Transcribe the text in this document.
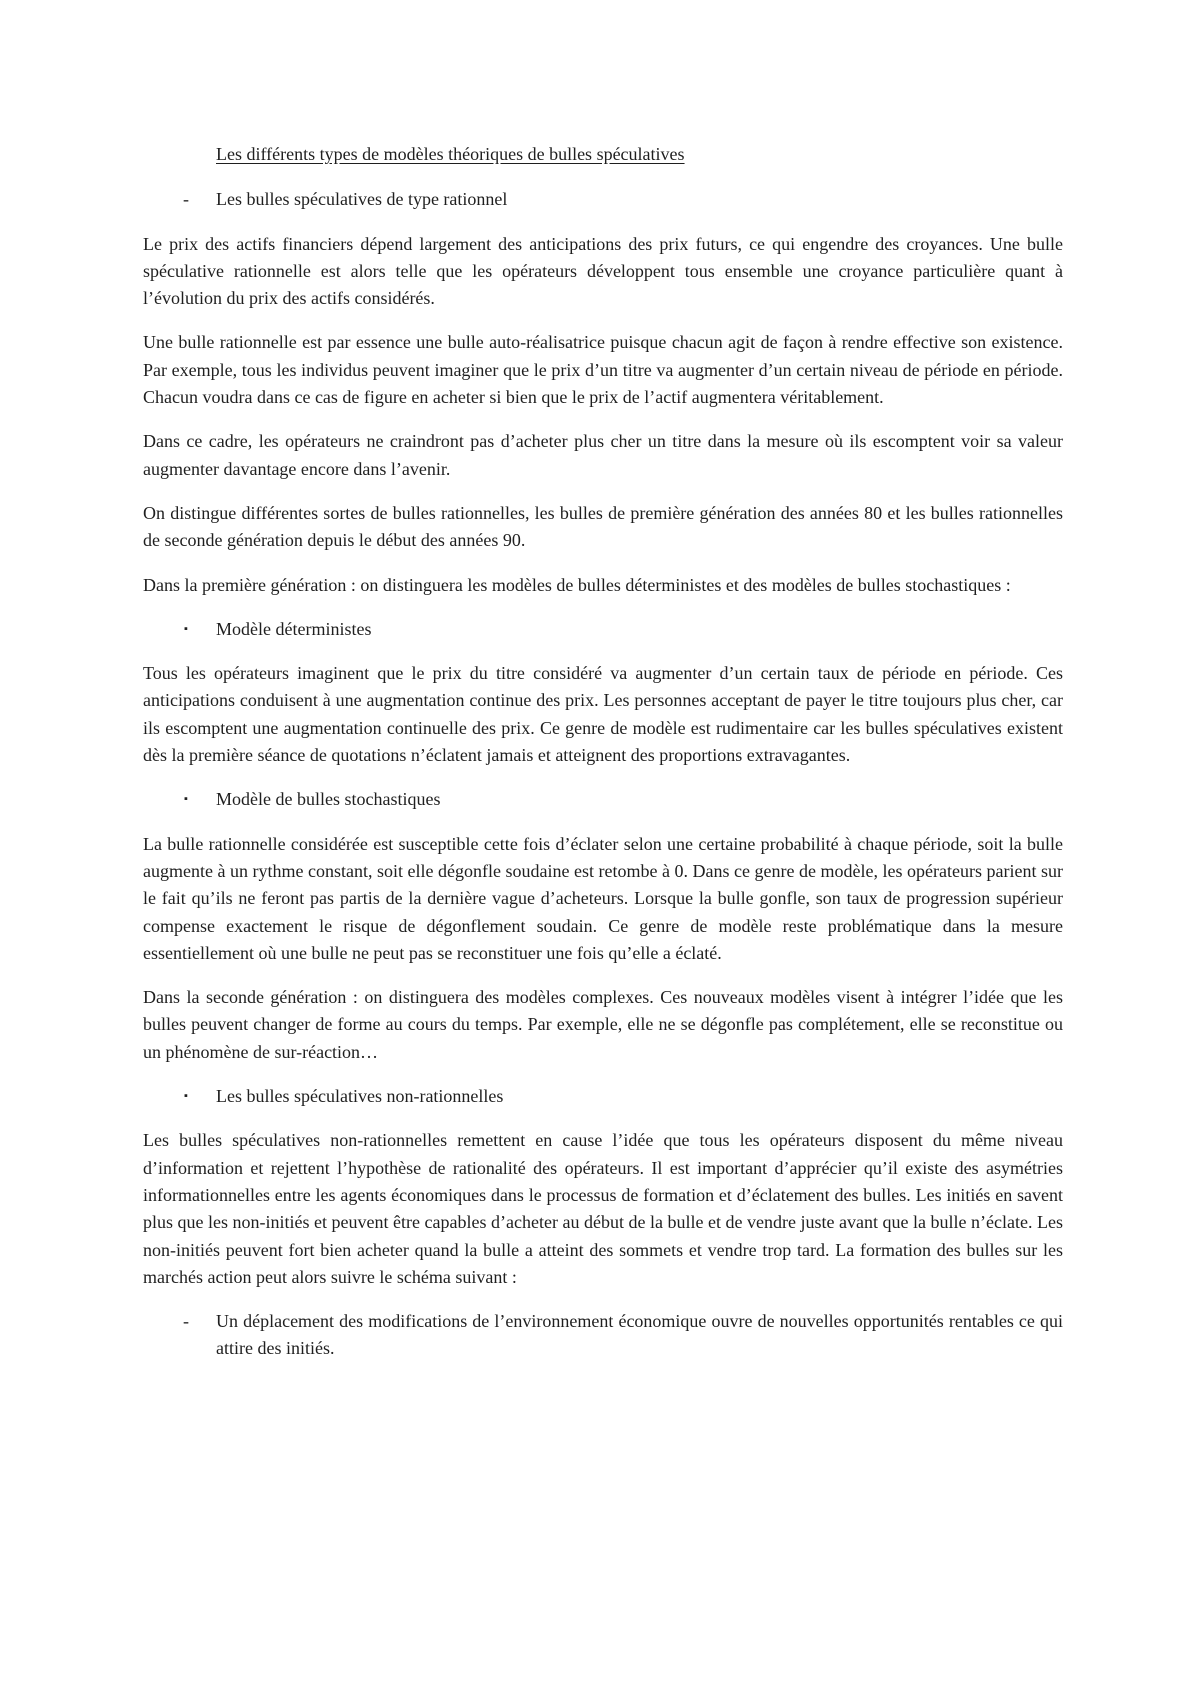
Les différents types de modèles théoriques de bulles spéculatives
-	Les bulles spéculatives de type rationnel

Le prix des actifs financiers dépend largement des anticipations des prix futurs, ce qui engendre des croyances. Une bulle spéculative rationnelle est alors telle que les opérateurs développent tous ensemble une croyance particulière quant à l’évolution du prix des actifs considérés.

Une bulle rationnelle est par essence une bulle auto-réalisatrice puisque chacun agit de façon à rendre effective son existence. Par exemple, tous les individus peuvent imaginer que le prix d’un titre va augmenter d’un certain niveau de période en période. Chacun voudra dans ce cas de figure en acheter si bien que le prix de l’actif augmentera véritablement.

Dans ce cadre, les opérateurs ne craindront pas d’acheter plus cher un titre dans la mesure où ils escomptent voir sa valeur augmenter davantage encore dans l’avenir.

On distingue différentes sortes de bulles rationnelles, les bulles de première génération des années 80 et les bulles rationnelles de seconde génération depuis le début des années 90.

Dans la première génération : on distinguera les modèles de bulles déterministes et des modèles de bulles stochastiques :

▪	Modèle déterministes

Tous les opérateurs imaginent que le prix du titre considéré va augmenter d’un certain taux de période en période. Ces anticipations conduisent à une augmentation continue des prix. Les personnes acceptant de payer le titre toujours plus cher, car ils escomptent une augmentation continuelle des prix. Ce genre de modèle est rudimentaire car les bulles spéculatives existent dès la première séance de quotations n’éclatent jamais et atteignent des proportions extravagantes.

▪	Modèle de bulles stochastiques

La bulle rationnelle considérée est susceptible cette fois d’éclater selon une certaine probabilité à chaque période, soit la bulle augmente à un rythme constant, soit elle dégonfle soudaine est retombe à 0. Dans ce genre de modèle, les opérateurs parient sur le fait qu’ils ne feront pas partis de la dernière vague d’acheteurs. Lorsque la bulle gonfle, son taux de progression supérieur compense exactement le risque de dégonflement soudain. Ce genre de modèle reste problématique dans la mesure essentiellement où une bulle ne peut pas se reconstituer une fois qu’elle a éclaté.

Dans la seconde génération : on distinguera des modèles complexes. Ces nouveaux modèles visent à intégrer l’idée que les bulles peuvent changer de forme au cours du temps. Par exemple, elle ne se dégonfle pas complétement, elle se reconstitue ou un phénomène de sur-réaction…

▪	Les bulles spéculatives non-rationnelles

Les bulles spéculatives non-rationnelles remettent en cause l’idée que tous les opérateurs disposent du même niveau d’information et rejettent l’hypothèse de rationalité des opérateurs. Il est important d’apprécier qu’il existe des asymétries informationnelles entre les agents économiques dans le processus de formation et d’éclatement des bulles. Les initiés en savent plus que les non-initiés et peuvent être capables d’acheter au début de la bulle et de vendre juste avant que la bulle n’éclate. Les non-initiés peuvent fort bien acheter quand la bulle a atteint des sommets et vendre trop tard. La formation des bulles sur les marchés action peut alors suivre le schéma suivant :

-	Un déplacement des modifications de l’environnement économique ouvre de nouvelles opportunités rentables ce qui attire des initiés.
